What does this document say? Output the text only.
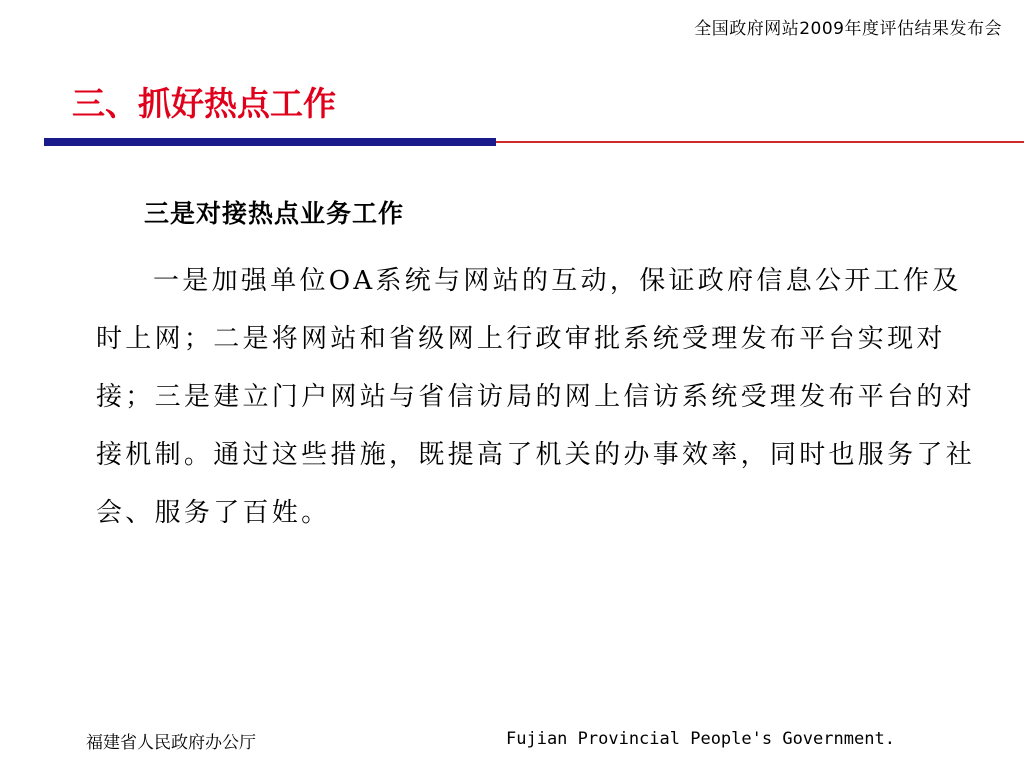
全国政府网站2009年度评估结果发布会
三、抓好热点工作
三是对接热点业务工作

一是加强单位OA系统与网站的互动，保证政府信息公开工作及时上网；二是将网站和省级网上行政审批系统受理发布平台实现对接；三是建立门户网站与省信访局的网上信访系统受理发布平台的对接机制。通过这些措施，既提高了机关的办事效率，同时也服务了社会、服务了百姓。

福建省人民政府办公厅	Fujian Provincial People's Government.
